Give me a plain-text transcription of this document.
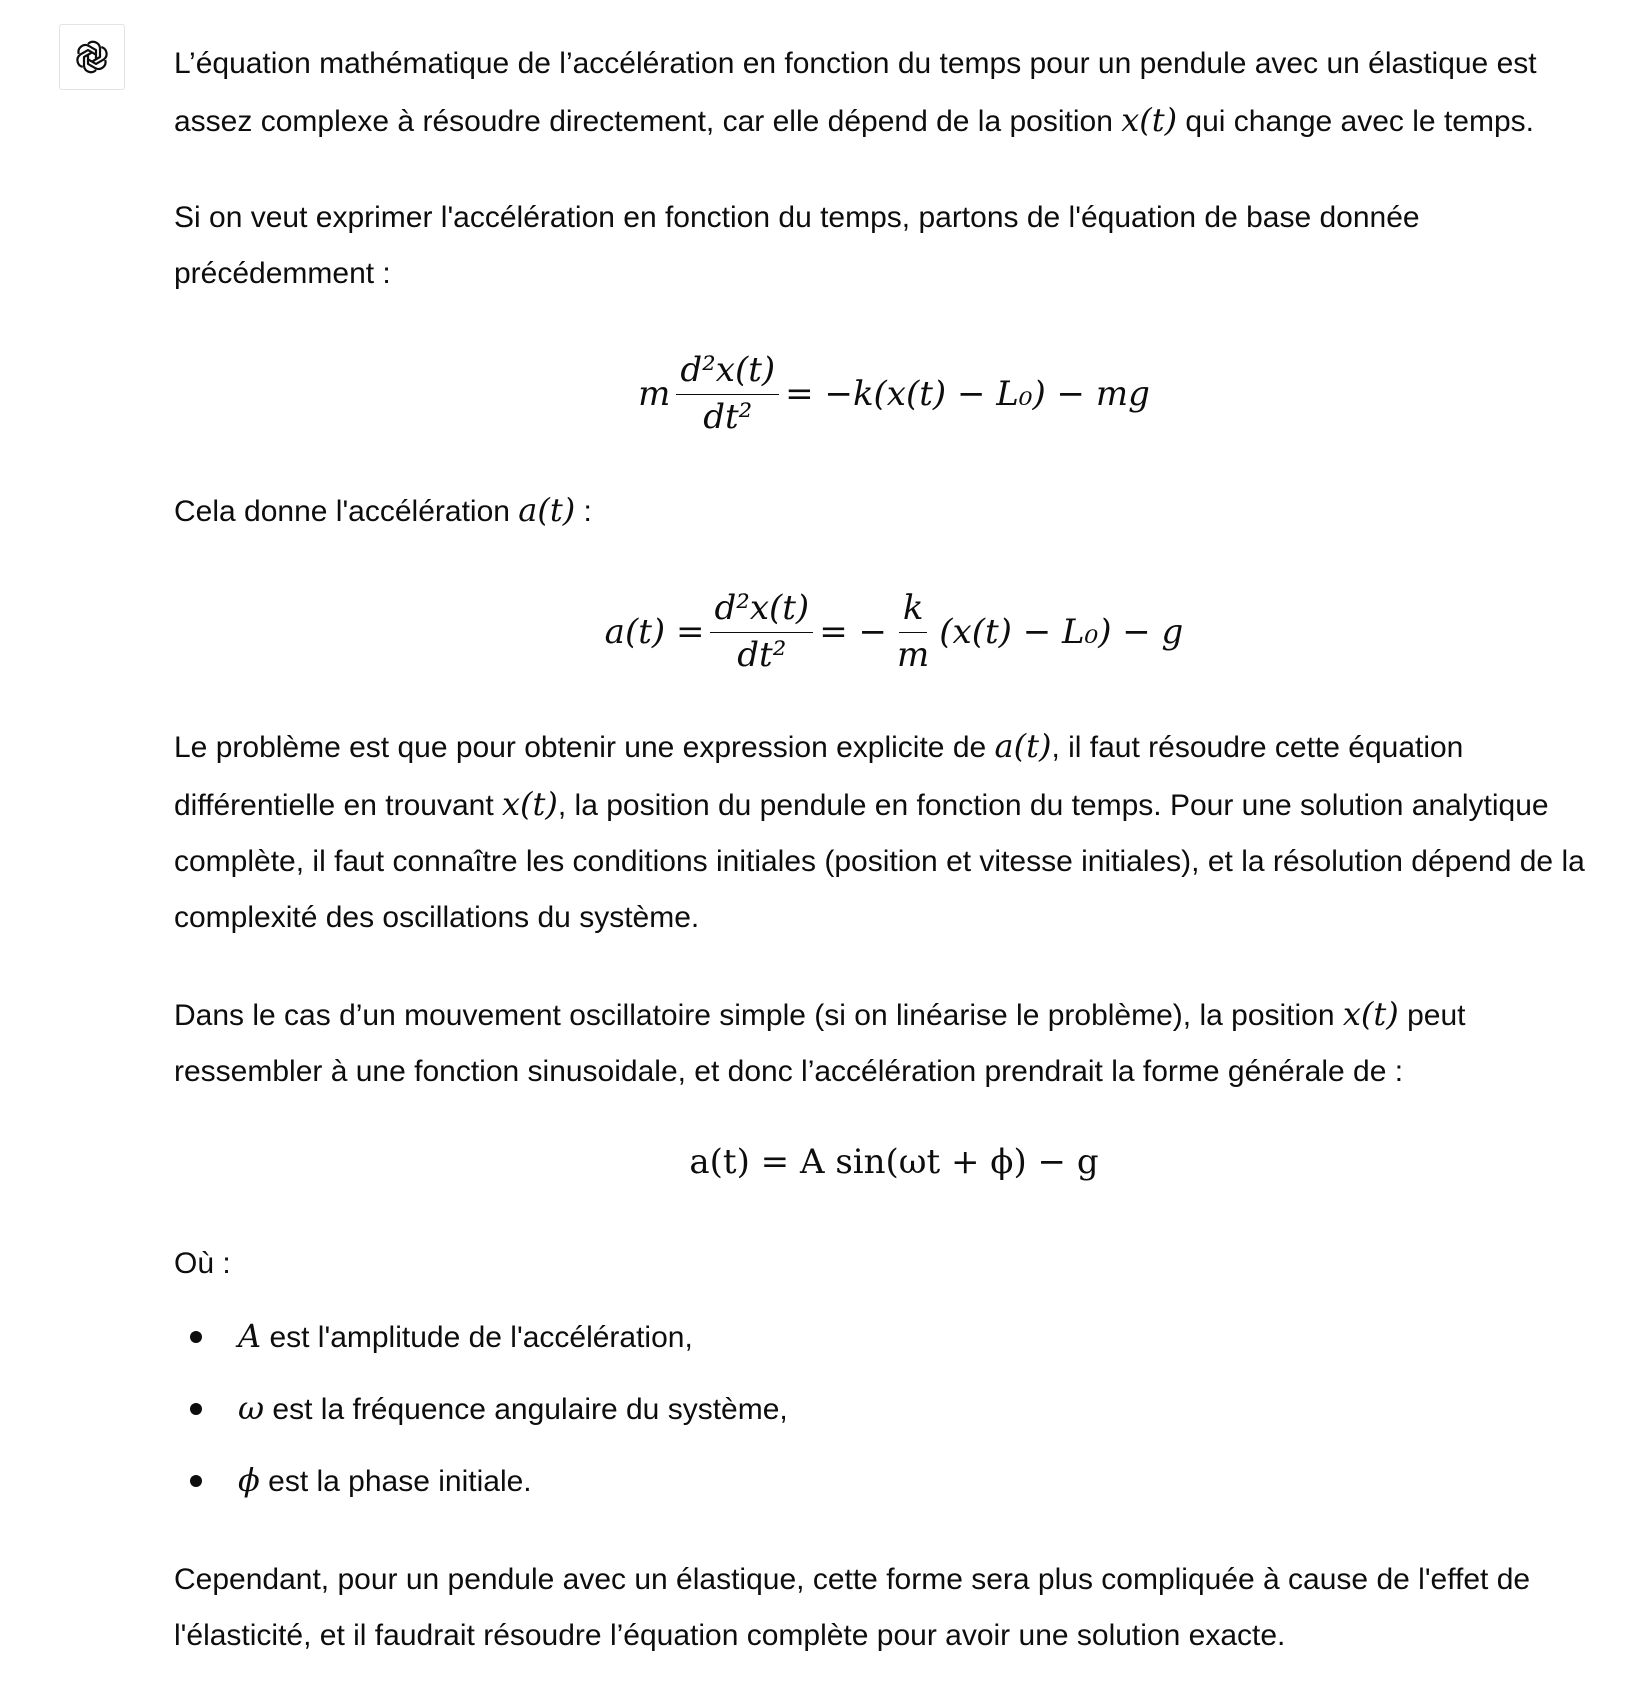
L’équation mathématique de l’accélération en fonction du temps pour un pendule avec un élastique est assez complexe à résoudre directement, car elle dépend de la position x(t) qui change avec le temps.

Si on veut exprimer l'accélération en fonction du temps, partons de l'équation de base donnée précédemment :

m $\frac{\text{d²x(t)}}{\text{dt²}} = -k(x(t) - L_0)$ − mg

Cela donne l'accélération a(t) :

$a(t) = \frac{\text{d²x(t)}}{\text{dt²}}$ = − $\frac{k}{m} (x(t) - L_0) - g$

Le problème est que pour obtenir une expression explicite de a(t), il faut résoudre cette équation différentielle en trouvant x(t), la position du pendule en fonction du temps. Pour une solution analytique complète, il faut connaître les conditions initiales (position et vitesse initiales), et la résolution dépend de la complexité des oscillations du système.

Dans le cas d’un mouvement oscillatoire simple (si on linéarise le problème), la position x(t) peut ressembler à une fonction sinusoidale, et donc l’accélération prendrait la forme générale de :

a(t) = A sin(ωt + ϕ) − g

Où :

A est l'amplitude de l'accélération,
ω est la fréquence angulaire du système,
ϕ est la phase initiale.

Cependant, pour un pendule avec un élastique, cette forme sera plus compliquée à cause de l'effet de l'élasticité, et il faudrait résoudre l’équation complète pour avoir une solution exacte.
